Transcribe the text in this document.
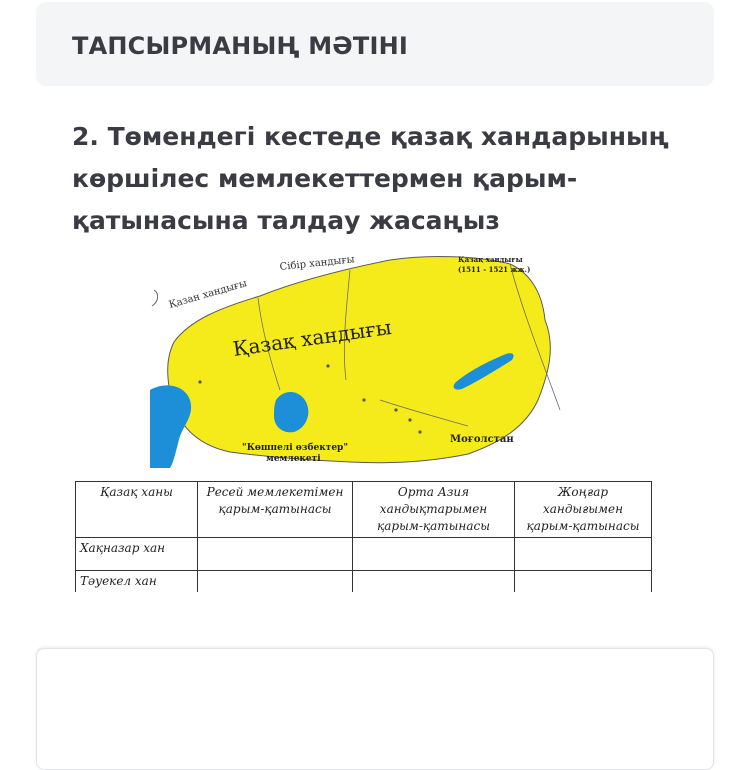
ТАПСЫРМАНЫҢ МӘТІНІ
2. Төмендегі кестеде қазақ хандарының көршілес мемлекеттермен қарым-қатынасына талдау жасаңыз
Қазан хандығы
Сібір хандығы	Қазақ хандығы
(1511 - 1521 жж.)
Қазақ хандығы
Моғолстан
"Көшпелі өзбектер"
мемлекеті
Қазақ ханы	Ресей мемлекетімен қарым-қатынасы	Орта Азия хандықтарымен қарым-қатынасы	Жоңғар хандығымен қарым-қатынасы
Хақназар хан			
Тәуекел хан			
